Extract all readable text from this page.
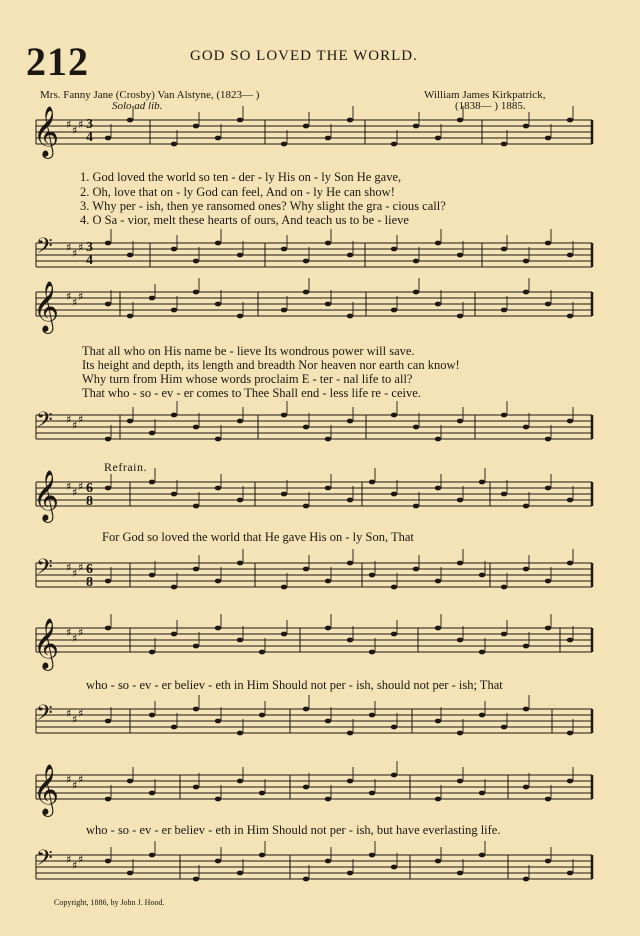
212	GOD SO LOVED THE WORLD.
Mrs. Fanny Jane (Crosby) Van Alstyne, (1823— )	William James Kirkpatrick,
(1838— ) 1885.
Solo ad lib.
♯ ♯ ♯
♯ ♯ ♯
♯ ♯ ♯
♯ ♯ ♯
♯ ♯ ♯
♯ ♯ ♯
♯ ♯ ♯
♯ ♯ ♯
♯ ♯ ♯
♯ ♯ ♯
𝄞
𝄢
𝄞
𝄢
𝄞
𝄢
𝄞
𝄢
𝄞
𝄢
3
4
3
4
6
8
6
8
1. God loved the world so ten - der - ly His on - ly Son He gave,
2. Oh, love that on - ly God can feel, And on - ly He can show!
3. Why per - ish, then ye ransomed ones? Why slight the gra - cious call?
4. O Sa - vior, melt these hearts of ours, And teach us to be - lieve
That all who on His name be - lieve Its wondrous power will save.
Its height and depth, its length and breadth Nor heaven nor earth can know!
Why turn from Him whose words proclaim E - ter - nal life to all?
That who - so - ev - er comes to Thee Shall end - less life re - ceive.
Refrain.
For God so loved the world that He gave His on - ly Son, That
who - so - ev - er believ - eth in Him Should not per - ish, should not per - ish; That
who - so - ev - er believ - eth in Him Should not per - ish, but have everlasting life.
Copyright, 1886, by John J. Hood.
